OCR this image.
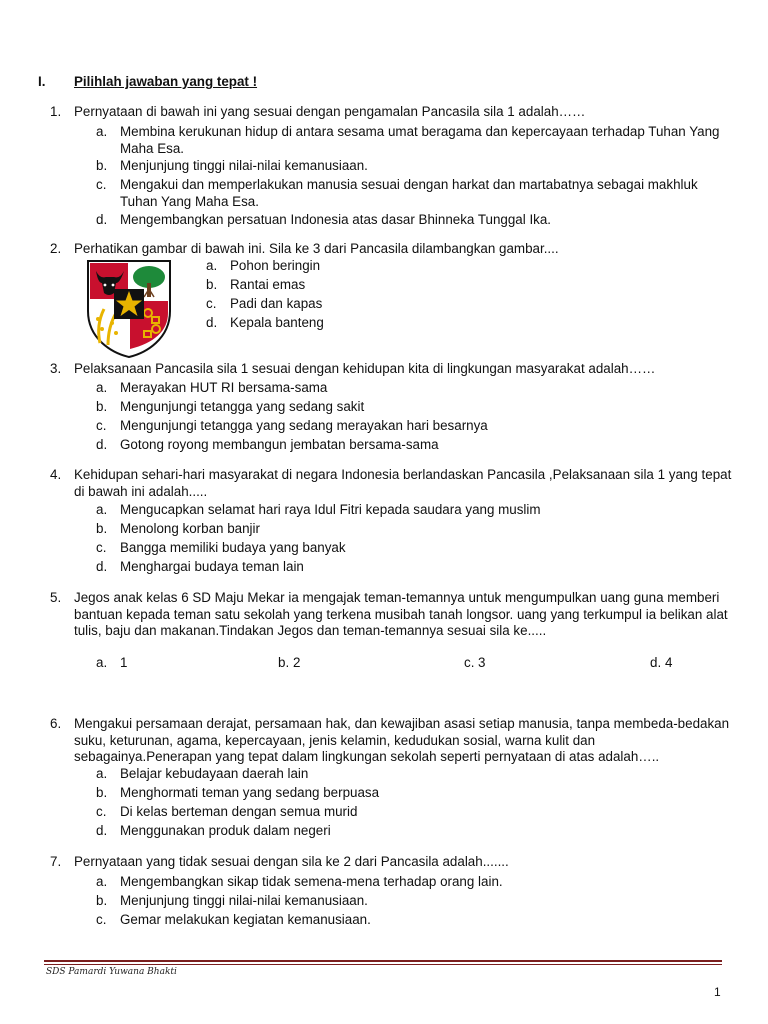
I. Pilihlah jawaban yang tepat !
1. Pernyataan di bawah ini yang sesuai dengan pengamalan Pancasila sila 1 adalah……
a. Membina kerukunan hidup di antara sesama umat beragama dan kepercayaan terhadap Tuhan Yang Maha Esa.
b. Menjunjung tinggi nilai-nilai kemanusiaan.
c. Mengakui dan memperlakukan manusia sesuai dengan harkat dan martabatnya sebagai makhluk Tuhan Yang Maha Esa.
d. Mengembangkan persatuan Indonesia atas dasar Bhinneka Tunggal Ika.
2. Perhatikan gambar di bawah ini. Sila ke 3 dari Pancasila dilambangkan gambar....
a. Pohon beringin
b. Rantai emas
c. Padi dan kapas
d. Kepala banteng
3. Pelaksanaan Pancasila sila 1 sesuai dengan kehidupan kita di lingkungan masyarakat adalah……
a. Merayakan HUT RI bersama-sama
b. Mengunjungi tetangga yang sedang sakit
c. Mengunjungi tetangga yang sedang merayakan hari besarnya
d. Gotong royong membangun jembatan bersama-sama
4. Kehidupan sehari-hari masyarakat di negara Indonesia berlandaskan Pancasila ,Pelaksanaan sila 1 yang tepat di bawah ini adalah.....
a. Mengucapkan selamat hari raya Idul Fitri kepada saudara yang muslim
b. Menolong korban banjir
c. Bangga memiliki budaya yang banyak
d. Menghargai budaya teman lain
5. Jegos anak kelas 6 SD Maju Mekar ia mengajak teman-temannya untuk mengumpulkan uang guna memberi bantuan kepada teman satu sekolah yang terkena musibah tanah longsor. uang yang terkumpul ia belikan alat tulis, baju dan makanan.Tindakan Jegos dan teman-temannya sesuai sila ke.....
a. 1	b. 2	c. 3	d. 4
6. Mengakui persamaan derajat, persamaan hak, dan kewajiban asasi setiap manusia, tanpa membeda-bedakan suku, keturunan, agama, kepercayaan, jenis kelamin, kedudukan sosial, warna kulit dan sebagainya.Penerapan yang tepat dalam lingkungan sekolah seperti pernyataan di atas adalah…..
a. Belajar kebudayaan daerah lain
b. Menghormati teman yang sedang berpuasa
c. Di kelas berteman dengan semua murid
d. Menggunakan produk dalam negeri
7. Pernyataan yang tidak sesuai dengan sila ke 2 dari Pancasila adalah.......
a. Mengembangkan sikap tidak semena-mena terhadap orang lain.
b. Menjunjung tinggi nilai-nilai kemanusiaan.
c. Gemar melakukan kegiatan kemanusiaan.
SDS Pamardi Yuwana Bhakti
1
